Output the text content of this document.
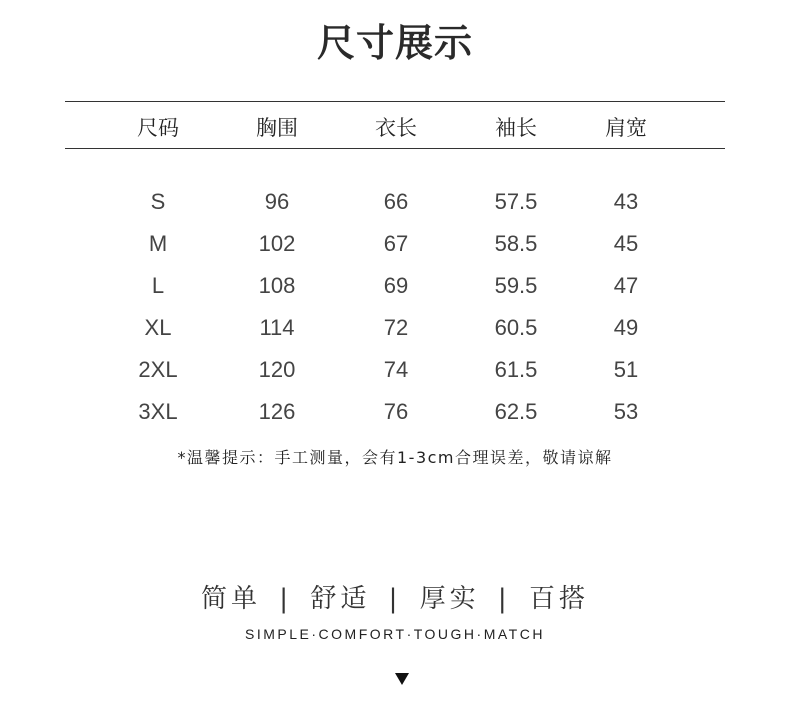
尺寸展示
尺码	胸围	衣长	袖长	肩宽
S	96	66	57.5	43
M	102	67	58.5	45
L	108	69	59.5	47
XL	114	72	60.5	49
2XL	120	74	61.5	51
3XL	126	76	62.5	53
*温馨提示：手工测量，会有1-3cm合理误差，敬请谅解
简单 | 舒适 | 厚实 | 百搭
SIMPLE·COMFORT·TOUGH·MATCH
